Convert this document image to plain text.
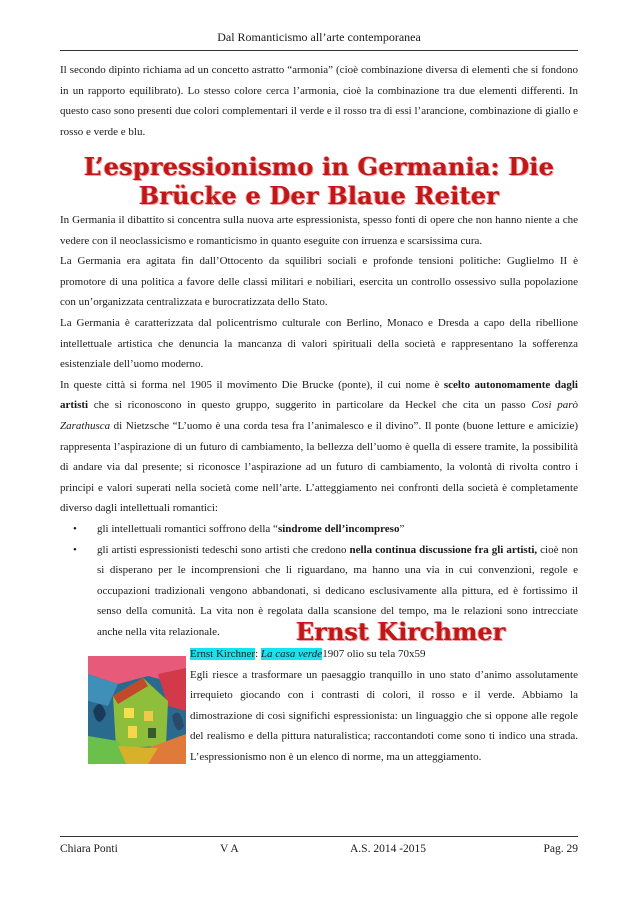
Dal Romanticismo all’arte contemporanea

Il secondo dipinto richiama ad un concetto astratto “armonia” (cioè combinazione diversa di elementi che si fondono in un rapporto equilibrato). Lo stesso colore cerca l’armonia, cioè la combinazione tra due elementi differenti. In questo caso sono presenti due colori complementari il verde e il rosso tra di essi l’arancione, combinazione di giallo e rosso e verde e blu.

L’espressionismo in Germania: Die Brücke e Der Blaue Reiter

In Germania il dibattito si concentra sulla nuova arte espressionista, spesso fonti di opere che non hanno niente a che vedere con il neoclassicismo e romanticismo in quanto eseguite con irruenza e scarsissima cura.

La Germania era agitata fin dall’Ottocento da squilibri sociali e profonde tensioni politiche: Guglielmo II è promotore di una politica a favore delle classi militari e nobiliari, esercita un controllo ossessivo sulla popolazione con un’organizzata centralizzata e burocratizzata dello Stato.

La Germania è caratterizzata dal policentrismo culturale con Berlino, Monaco e Dresda a capo della ribellione intellettuale artistica che denuncia la mancanza di valori spirituali della società e rappresentano la sofferenza esistenziale dell’uomo moderno.

In queste città si forma nel 1905 il movimento Die Brucke (ponte), il cui nome è scelto autonomamente dagli artisti che si riconoscono in questo gruppo, suggerito in particolare da Heckel che cita un passo Così parò Zarathusca di Nietzsche “L’uomo è una corda tesa fra l’animalesco e il divino”. Il ponte (buone letture e amicizie) rappresenta l’aspirazione di un futuro di cambiamento, la bellezza dell’uomo è quella di essere tramite, la possibilità di andare via dal presente; si riconosce l’aspirazione ad un futuro di cambiamento, la volontà di rivolta contro i principi e valori superati nella società come nell’arte. L’atteggiamento nei confronti della società è completamente diverso dagli intellettuali romantici:

• gli intellettuali romantici soffrono della “sindrome dell’incompreso”
• gli artisti espressionisti tedeschi sono artisti che credono nella continua discussione fra gli artisti, cioè non si disperano per le incomprensioni che li riguardano, ma hanno una via in cui convenzioni, regole e occupazioni tradizionali vengono abbandonati, si dedicano esclusivamente alla pittura, ed è fortissimo il senso della comunità. La vita non è regolata dalla scansione del tempo, ma le relazioni sono intrecciate anche nella vita relazionale.	Ernst Kirchmer
Ernst Kirchner: La casa verde1907 olio su tela 70x59
Egli riesce a trasformare un paesaggio tranquillo in uno stato d’animo assolutamente irrequieto giocando con i contrasti di colori, il rosso e il verde. Abbiamo la dimostrazione di così significhi espressionista: un linguaggio che si oppone alle regole del realismo e della pittura naturalistica; raccontandoti come sono ti indico una strada. L’espressionismo non è un elenco di norme, ma un atteggiamento.
Chiara Ponti	V A	A.S. 2014 -2015	Pag. 29
